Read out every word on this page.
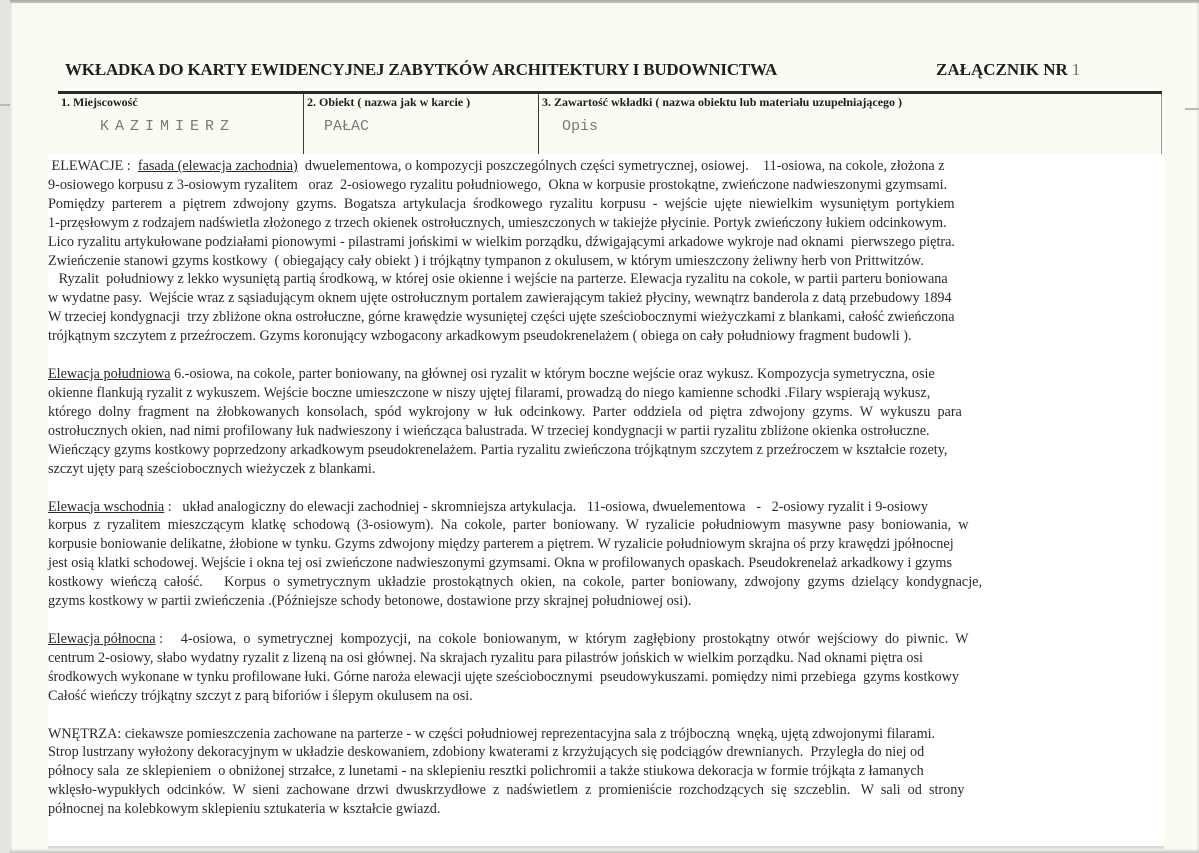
WKŁADKA DO KARTY EWIDENCYJNEJ ZABYTKÓW ARCHITEKTURY I BUDOWNICTWA	ZAŁĄCZNIK NR 1
1. Miejscowość
KAZIMIERZ
2. Obiekt ( nazwa jak w karcie )
PAŁAC
3. Zawartość wkładki ( nazwa obiektu lub materiału uzupełniającego )
Opis
ELEWACJE :  fasada (elewacja zachodnia)  dwuelementowa, o kompozycji poszczególnych części symetrycznej, osiowej.    11-osiowa, na cokole, złożona z
9-osiowego korpusu z 3-osiowym ryzalitem   oraz  2-osiowego ryzalitu południowego,  Okna w korpusie prostokątne, zwieńczone nadwieszonymi gzymsami.
Pomiędzy  parterem  a  piętrem  zdwojony  gzyms.  Bogatsza  artykulacja  środkowego  ryzalitu  korpusu  -  wejście  ujęte  niewielkim  wysuniętym  portykiem
1-przęsłowym z rodzajem nadświetla złożonego z trzech okienek ostrołucznych, umieszczonych w takiejże płycinie. Portyk zwieńczony łukiem odcinkowym.
Lico ryzalitu artykułowane podziałami pionowymi - pilastrami jońskimi w wielkim porządku, dźwigającymi arkadowe wykroje nad oknami  pierwszego piętra.
Zwieńczenie stanowi gzyms kostkowy  ( obiegający cały obiekt ) i trójkątny tympanon z okulusem, w którym umieszczony żeliwny herb von Prittwitzów.
Ryzalit  południowy z lekko wysuniętą partią środkową, w której osie okienne i wejście na parterze. Elewacja ryzalitu na cokole, w partii parteru boniowana
w wydatne pasy.  Wejście wraz z sąsiadującym oknem ujęte ostrołucznym portalem zawierającym takież płyciny, wewnątrz banderola z datą przebudowy 1894
W trzeciej kondygnacji  trzy zbliżone okna ostrołuczne, górne krawędzie wysuniętej części ujęte sześciobocznymi wieżyczkami z blankami, całość zwieńczona
trójkątnym szczytem z przeźroczem. Gzyms koronujący wzbogacony arkadkowym pseudokrenelażem ( obiega on cały południowy fragment budowli ).
Elewacja południowa 6.-osiowa, na cokole, parter boniowany, na głównej osi ryzalit w którym boczne wejście oraz wykusz. Kompozycja symetryczna, osie
okienne flankują ryzalit z wykuszem. Wejście boczne umieszczone w niszy ujętej filarami, prowadzą do niego kamienne schodki .Filary wspierają wykusz,
którego  dolny  fragment  na  żłobkowanych  konsolach,  spód  wykrojony  w  łuk  odcinkowy.  Parter  oddziela  od  piętra  zdwojony  gzyms.  W  wykuszu  para
ostrołucznych okien, nad nimi profilowany łuk nadwieszony i wieńcząca balustrada. W trzeciej kondygnacji w partii ryzalitu zbliżone okienka ostrołuczne.
Wieńczący gzyms kostkowy poprzedzony arkadkowym pseudokrenelażem. Partia ryzalitu zwieńczona trójkątnym szczytem z przeźroczem w kształcie rozety,
szczyt ujęty parą sześciobocznych wieżyczek z blankami.
Elewacja wschodnia :   układ analogiczny do elewacji zachodniej - skromniejsza artykulacja.   11-osiowa, dwuelementowa   -   2-osiowy ryzalit i 9-osiowy
korpus  z  ryzalitem  mieszczącym  klatkę  schodową  (3-osiowym).  Na  cokole,  parter  boniowany.  W  ryzalicie  południowym  masywne  pasy  boniowania,  w
korpusie boniowanie delikatne, żłobione w tynku. Gzyms zdwojony między parterem a piętrem. W ryzalicie południowym skrajna oś przy krawędzi jpółnocnej
jest osią klatki schodowej. Wejście i okna tej osi zwieńczone nadwieszonymi gzymsami. Okna w profilowanych opaskach. Pseudokrenelaż arkadkowy i gzyms
kostkowy  wieńczą  całość.      Korpus  o  symetrycznym  układzie  prostokątnych  okien,  na  cokole,  parter  boniowany,  zdwojony  gzyms  dzielący  kondygnacje,
gzyms kostkowy w partii zwieńczenia .(Późniejsze schody betonowe, dostawione przy skrajnej południowej osi).
Elewacja północna :     4-osiowa,  o  symetrycznej  kompozycji,  na  cokole  boniowanym,  w  którym  zagłębiony  prostokątny  otwór  wejściowy  do  piwnic.  W
centrum 2-osiowy, słabo wydatny ryzalit z lizeną na osi głównej. Na skrajach ryzalitu para pilastrów jońskich w wielkim porządku. Nad oknami piętra osi
środkowych wykonane w tynku profilowane łuki. Górne naroża elewacji ujęte sześciobocznymi  pseudowykuszami. pomiędzy nimi przebiega  gzyms kostkowy
Całość wieńczy trójkątny szczyt z parą biforiów i ślepym okulusem na osi.
WNĘTRZA: ciekawsze pomieszczenia zachowane na parterze - w części południowej reprezentacyjna sala z trójboczną  wnęką, ujętą zdwojonymi filarami.
Strop lustrzany wyłożony dekoracyjnym w układzie deskowaniem, zdobiony kwaterami z krzyżujących się podciągów drewnianych.  Przyległa do niej od
północy sala  ze sklepieniem  o obniżonej strzałce, z lunetami - na sklepieniu resztki polichromii a także stiukowa dekoracja w formie trójkąta z łamanych
wklęsło-wypukłych  odcinków.  W  sieni  zachowane  drzwi  dwuskrzydłowe  z  nadświetlem  z  promieniście  rozchodzących  się  szczeblin.   W  sali  od  strony
północnej na kolebkowym sklepieniu sztukateria w kształcie gwiazd.
